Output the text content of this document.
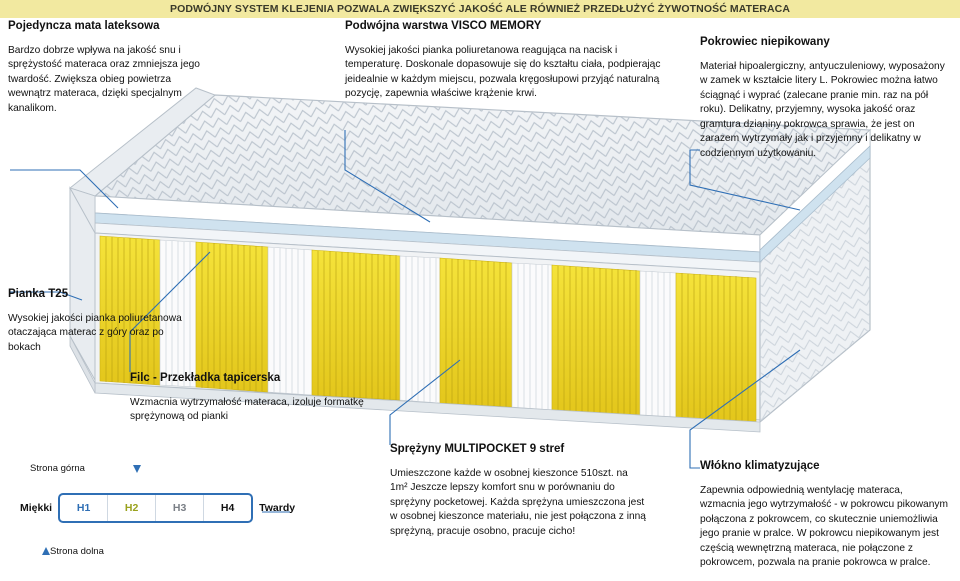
PODWÓJNY SYSTEM KLEJENIA POZWALA ZWIĘKSZYĆ JAKOŚĆ ALE RÓWNIEŻ PRZEDŁUŻYĆ ŻYWOTNOŚĆ MATERACA

Pojedyncza mata lateksowa

Bardzo dobrze wpływa na jakość snu i sprężystość materaca oraz zmniejsza jego twardość. Zwiększa obieg powietrza wewnątrz materaca, dzięki specjalnym kanalikom.

Podwójna warstwa VISCO MEMORY

Wysokiej jakości pianka poliuretanowa reagująca na nacisk i temperaturę. Doskonale dopasowuje się do kształtu ciała, podpierając jeidealnie w każdym miejscu, pozwala kręgosłupowi przyjąć naturalną pozycję, zapewnia właściwe krążenie krwi.

Pokrowiec niepikowany

Materiał hipoalergiczny, antyuczuleniowy, wyposażony w zamek w kształcie litery L. Pokrowiec można łatwo ściągnąć i wyprać (zalecane pranie min. raz na pół roku). Delikatny, przyjemny, wysoka jakość oraz gramtura dzianiny pokrowca sprawia, że jest on zarazem wytrzymały jak i przyjemny i delikatny w codziennym użytkowaniu.

Pianka T25

Wysokiej jakości pianka poliuretanowa otaczająca materac z góry oraz po bokach

Filc - Przekładka tapicerska

Wzmacnia wytrzymałość materaca, izoluje formatkę sprężynową od pianki

Sprężyny MULTIPOCKET 9 stref

Umieszczone każde w osobnej kieszonce 510szt. na 1m² Jeszcze lepszy komfort snu w porównaniu do sprężyny pocketowej. Każda sprężyna umieszczona jest w osobnej kieszonce materiału, nie jest połączona z inną sprężyną, pracuje osobno, pracuje cicho!

Włókno klimatyzujące

Zapewnia odpowiednią wentylację materaca, wzmacnia jego wytrzymałość - w pokrowcu pikowanym połączona z pokrowcem, co skutecznie uniemożliwia jego pranie w pralce. W pokrowcu niepikowanym jest częścią wewnętrzną materaca, nie połączone z pokrowcem, pozwala na pranie pokrowca w pralce.

Strona górna
Miękki	H1	H2	H3	H4	Twardy
Strona dolna
